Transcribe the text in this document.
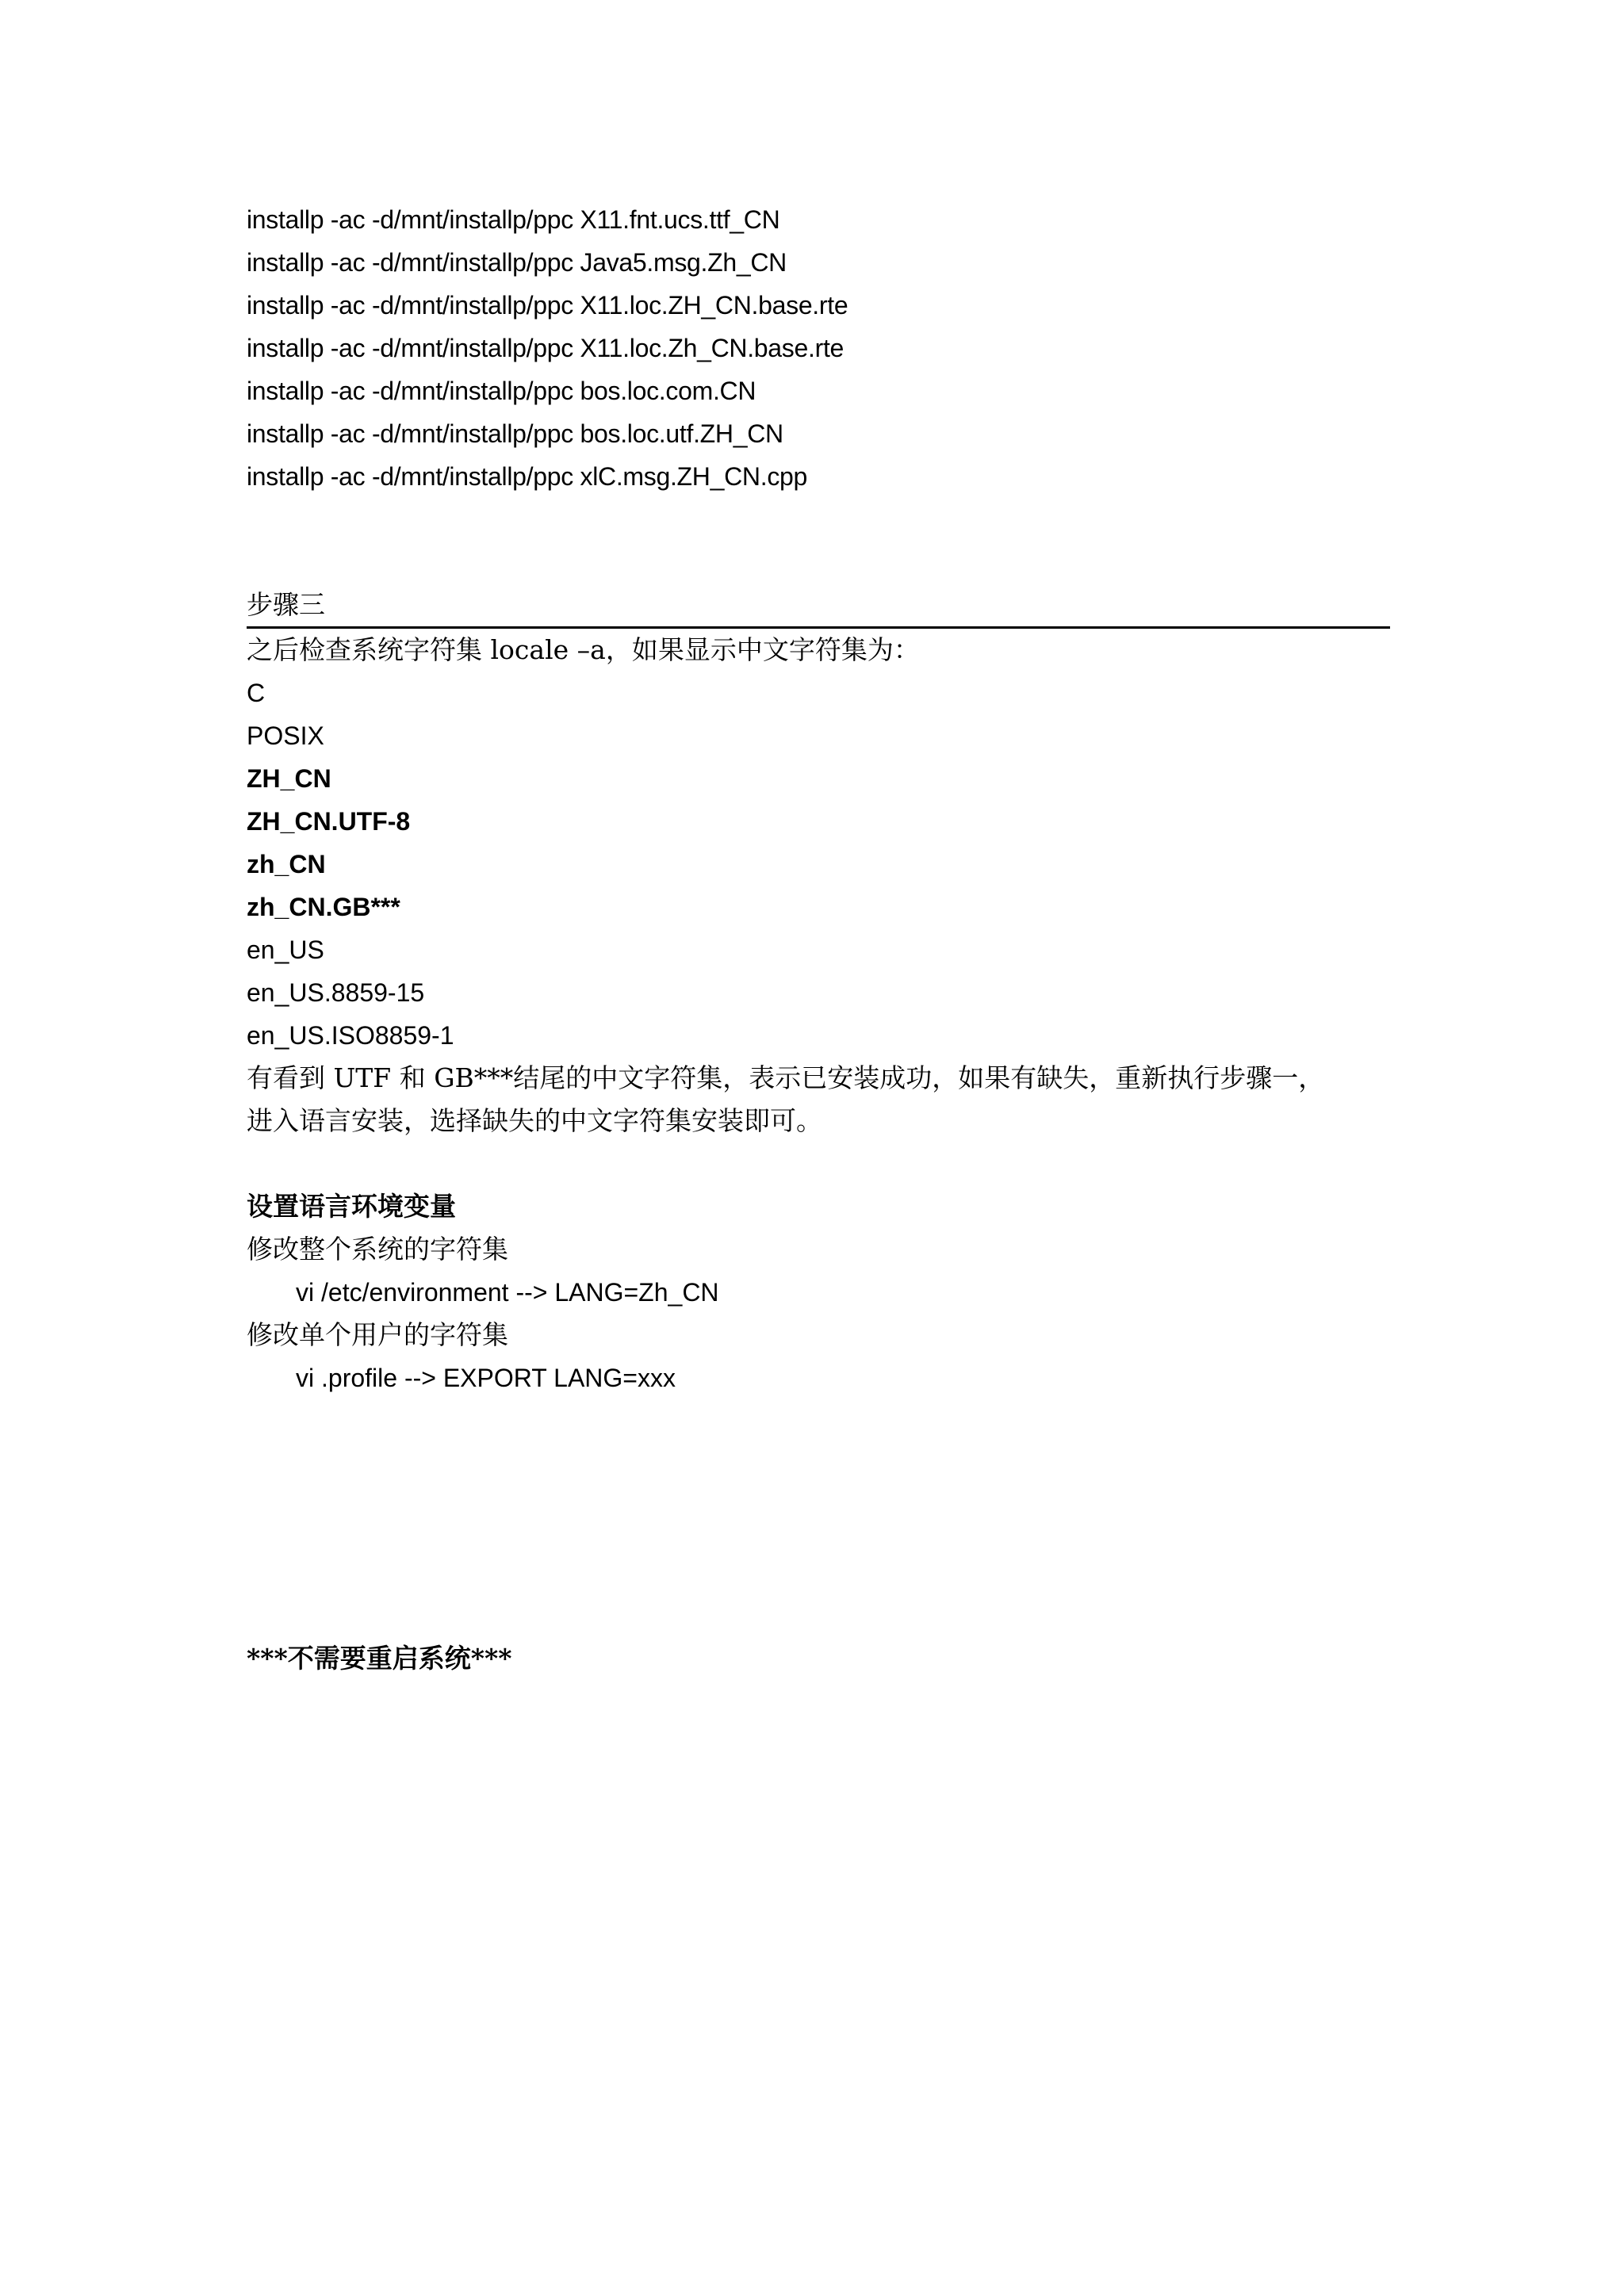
installp -ac -d/mnt/installp/ppc X11.fnt.ucs.ttf_CN
installp -ac -d/mnt/installp/ppc Java5.msg.Zh_CN
installp -ac -d/mnt/installp/ppc X11.loc.ZH_CN.base.rte
installp -ac -d/mnt/installp/ppc X11.loc.Zh_CN.base.rte
installp -ac -d/mnt/installp/ppc bos.loc.com.CN
installp -ac -d/mnt/installp/ppc bos.loc.utf.ZH_CN
installp -ac -d/mnt/installp/ppc xlC.msg.ZH_CN.cpp
步骤三
之后检查系统字符集 locale –a，如果显示中文字符集为：
C
POSIX
ZH_CN
ZH_CN.UTF-8
zh_CN
zh_CN.GB***
en_US
en_US.8859-15
en_US.ISO8859-1
有看到 UTF 和 GB***结尾的中文字符集，表示已安装成功，如果有缺失，重新执行步骤一，
进入语言安装，选择缺失的中文字符集安装即可。
设置语言环境变量
修改整个系统的字符集
vi /etc/environment --> LANG=Zh_CN
修改单个用户的字符集
vi .profile --> EXPORT LANG=xxx
***不需要重启系统***
